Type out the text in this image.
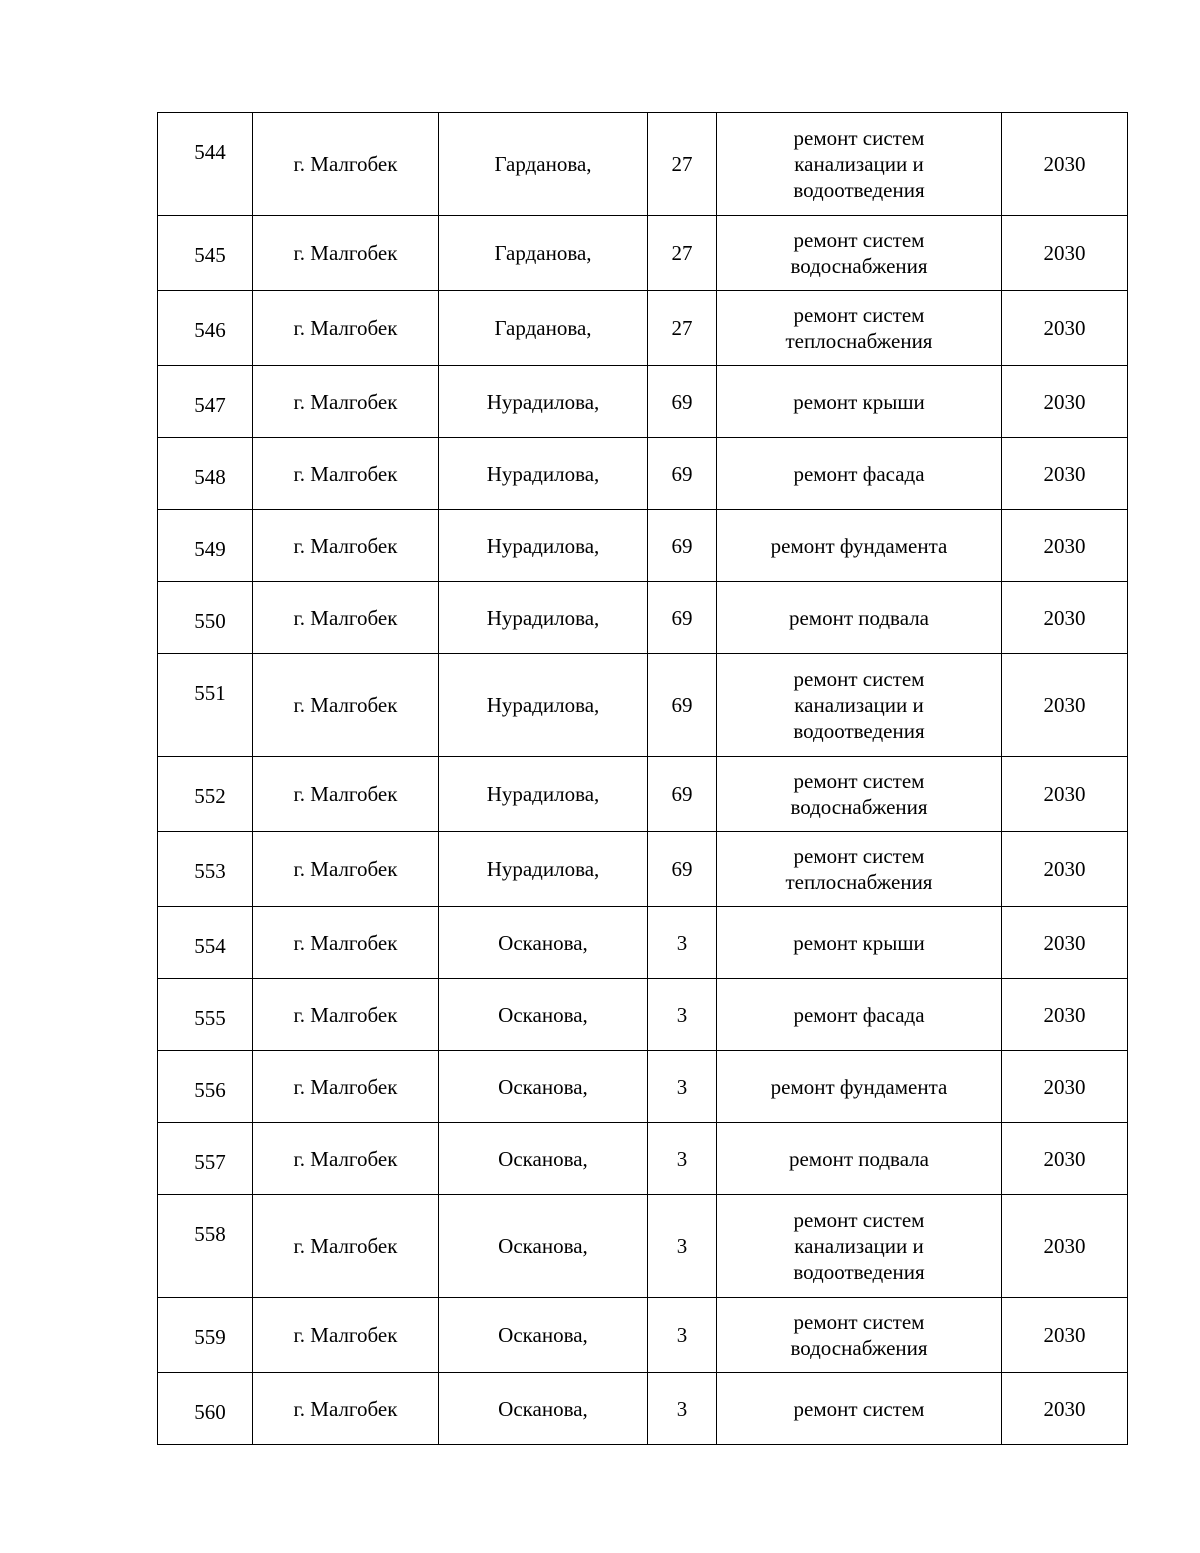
544	г. Малгобек	Гарданова,	27	ремонт систем
канализации и
водоотведения	2030
545	г. Малгобек	Гарданова,	27	ремонт систем
водоснабжения	2030
546	г. Малгобек	Гарданова,	27	ремонт систем
теплоснабжения	2030
547	г. Малгобек	Нурадилова,	69	ремонт крыши	2030
548	г. Малгобек	Нурадилова,	69	ремонт фасада	2030
549	г. Малгобек	Нурадилова,	69	ремонт фундамента	2030
550	г. Малгобек	Нурадилова,	69	ремонт подвала	2030
551	г. Малгобек	Нурадилова,	69	ремонт систем
канализации и
водоотведения	2030
552	г. Малгобек	Нурадилова,	69	ремонт систем
водоснабжения	2030
553	г. Малгобек	Нурадилова,	69	ремонт систем
теплоснабжения	2030
554	г. Малгобек	Осканова,	3	ремонт крыши	2030
555	г. Малгобек	Осканова,	3	ремонт фасада	2030
556	г. Малгобек	Осканова,	3	ремонт фундамента	2030
557	г. Малгобек	Осканова,	3	ремонт подвала	2030
558	г. Малгобек	Осканова,	3	ремонт систем
канализации и
водоотведения	2030
559	г. Малгобек	Осканова,	3	ремонт систем
водоснабжения	2030
560	г. Малгобек	Осканова,	3	ремонт систем	2030
